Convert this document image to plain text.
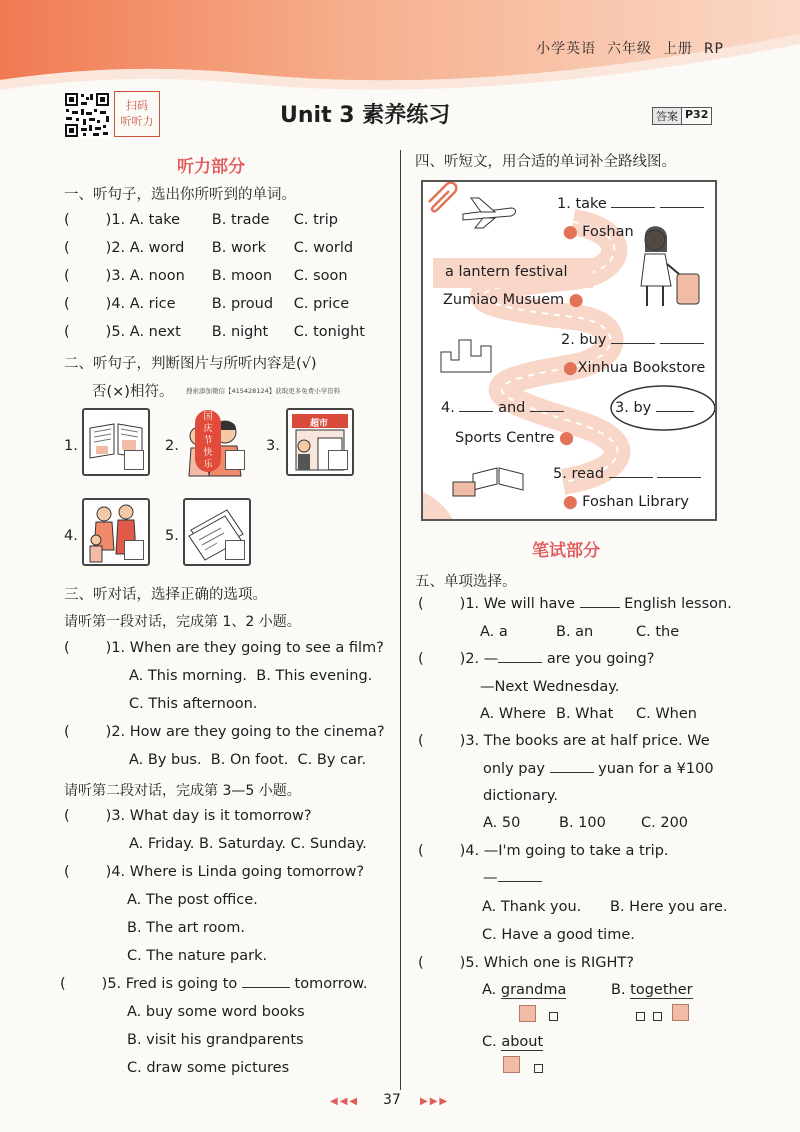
小学英语 六年级 上册 RP
扫码
听听力	Unit 3 素养练习	答案 P32
听力部分
一、听句子，选出你所听到的单词。
( )1. A. take B. trade C. trip
( )2. A. word B. work C. world
( )3. A. noon B. moon C. soon
( )4. A. rice B. proud C. price
( )5. A. next B. night C. tonight
二、听句子，判断图片与所听内容是(√)
否(×)相符。 搜索添加微信【415428124】获取更多免费小学资料
1.	2.
国
庆
节
快
乐
3.
超市
4.	5.
三、听对话，选择正确的选项。
请听第一段对话，完成第 1、2 小题。
( )1. When are they going to see a film?
A. This morning. B. This evening.
C. This afternoon.
( )2. How are they going to the cinema?
A. By bus.  B. On foot.  C. By car.
请听第二段对话，完成第 3—5 小题。
( )3. What day is it tomorrow?
A. Friday. B. Saturday. C. Sunday.
( )4. Where is Linda going tomorrow?
A. The post office.
B. The art room.
C. The nature park.
( )5. Fred is going to	tomorrow.
A. buy some word books
B. visit his grandparents
C. draw some pictures
四、听短文，用合适的单词补全路线图。
1. take
⬤ Foshan
a lantern festival
Zumiao Musuem ⬤
2. buy
⬤Xinhua Bookstore
4.	and	3. by
Sports Centre ⬤
5. read
⬤ Foshan Library
笔试部分
五、单项选择。
( )1. We will have	English lesson.
A. a	B. an	C. the
( )2. —	are you going?
—Next Wednesday.
A. Where B. What C. When
( )3. The books are at half price. We
only pay	yuan for a ¥100
dictionary.
A. 50	B. 100 C. 200
( )4. —I'm going to take a trip.
—
A. Thank you. B. Here you are.
C. Have a good time.
( )5. Which one is RIGHT?
A. grandma	B. together
C. about
◀◀◀ 37 ▶▶▶
